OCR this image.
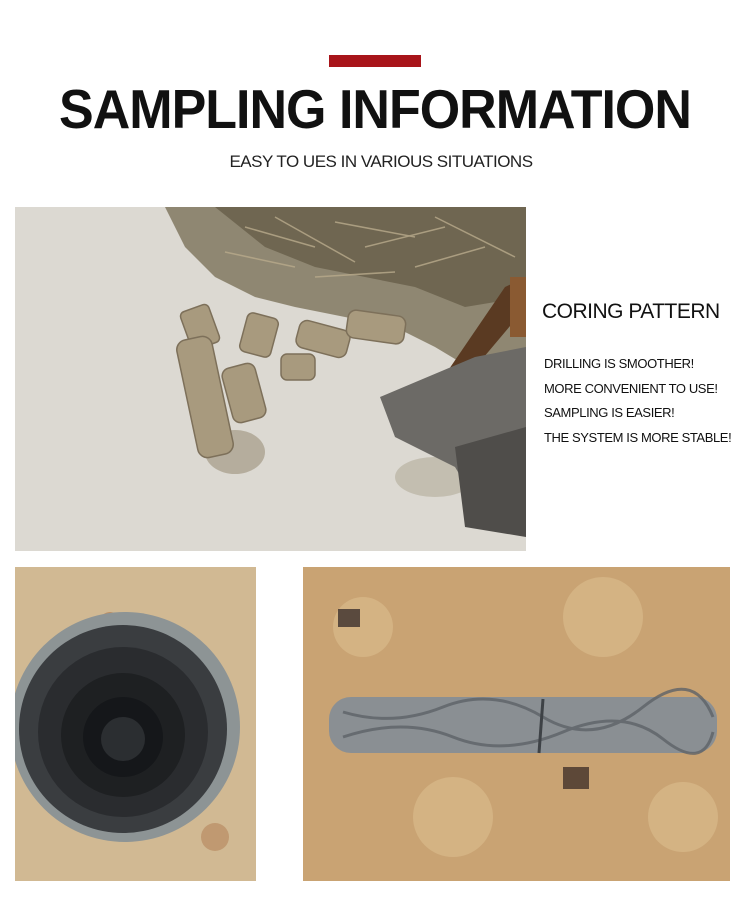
SAMPLING INFORMATION
EASY TO UES IN VARIOUS SITUATIONS
CORING PATTERN
DRILLING IS SMOOTHER!
MORE CONVENIENT TO USE!
SAMPLING IS EASIER!
THE SYSTEM IS MORE STABLE!
